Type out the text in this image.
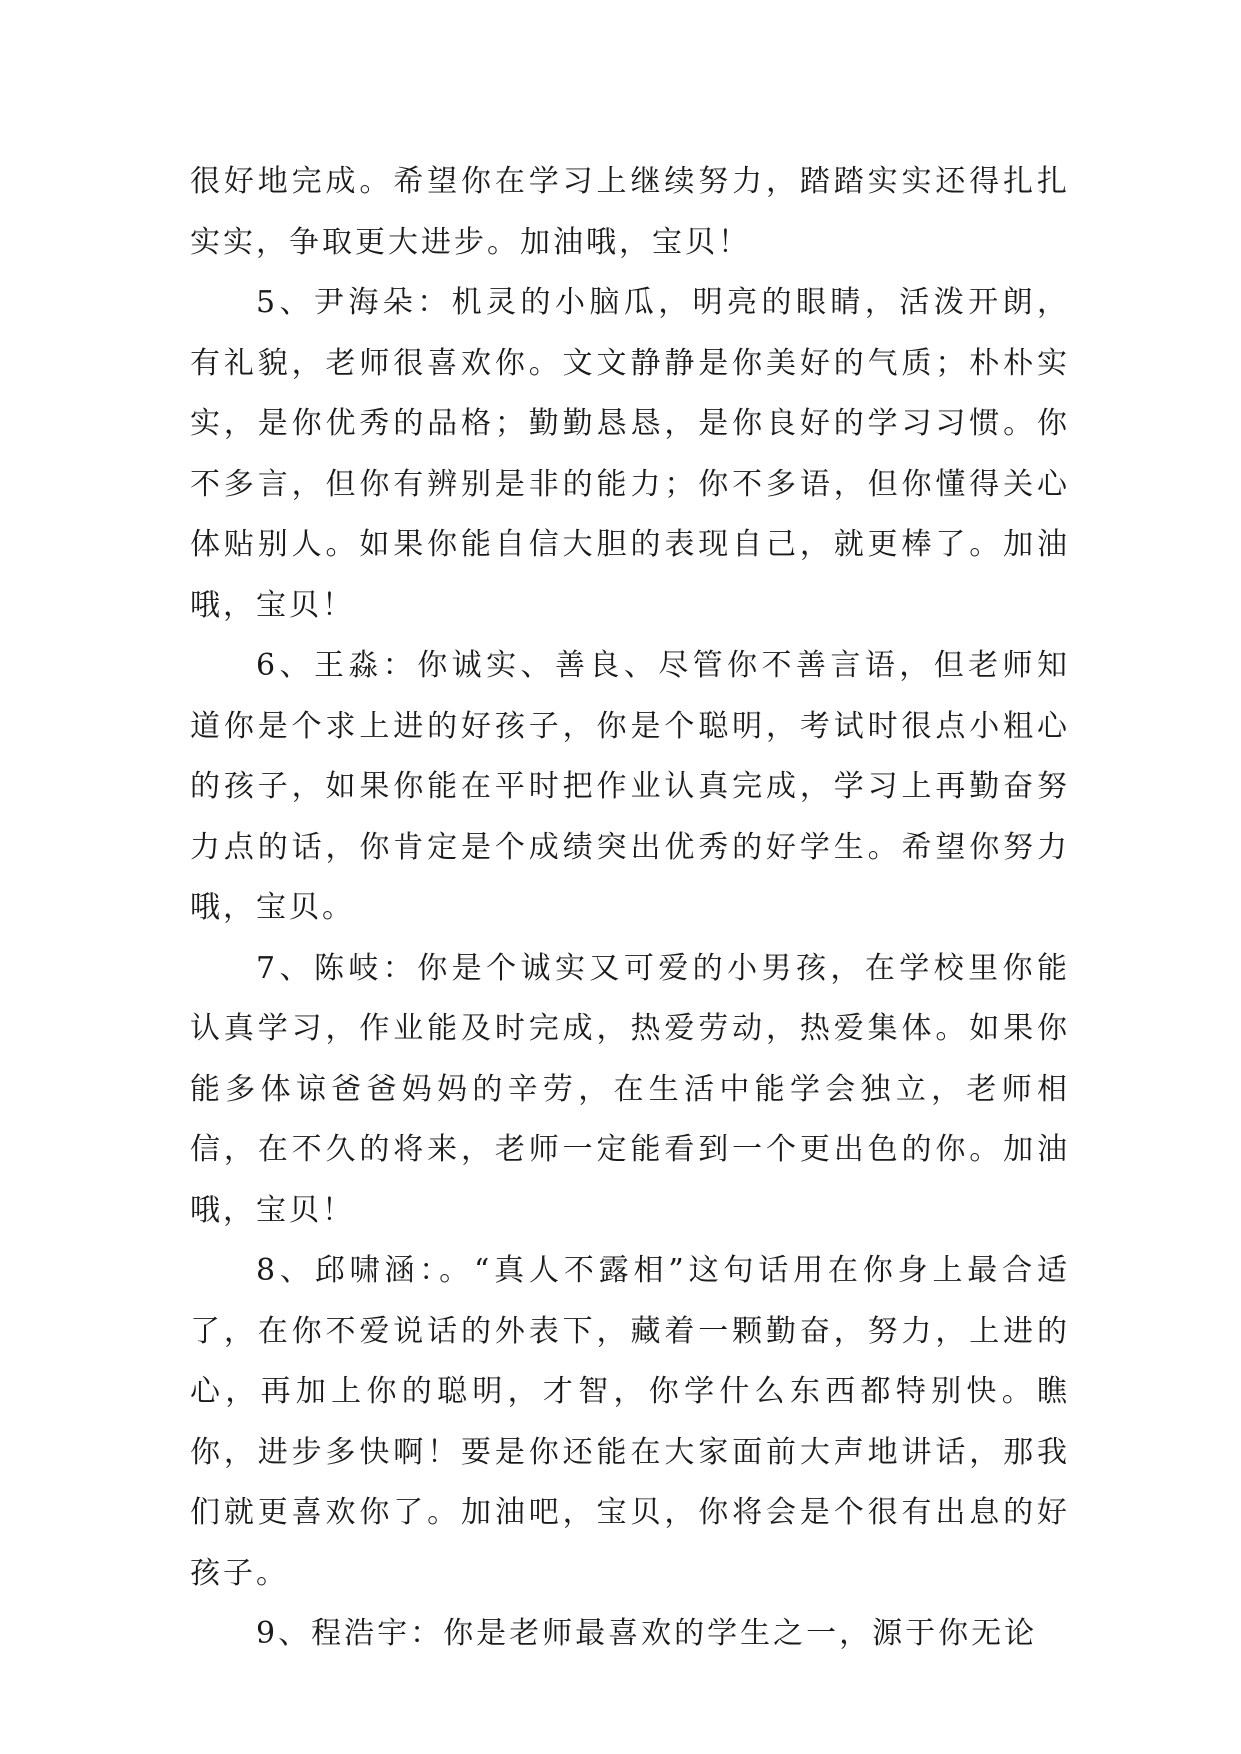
很好地完成。希望你在学习上继续努力，踏踏实实还得扎扎实实，争取更大进步。加油哦，宝贝！

5、尹海朵：机灵的小脑瓜，明亮的眼睛，活泼开朗，有礼貌，老师很喜欢你。文文静静是你美好的气质；朴朴实实，是你优秀的品格；勤勤恳恳，是你良好的学习习惯。你不多言，但你有辨别是非的能力；你不多语，但你懂得关心体贴别人。如果你能自信大胆的表现自己，就更棒了。加油哦，宝贝！

6、王淼：你诚实、善良、尽管你不善言语，但老师知道你是个求上进的好孩子，你是个聪明，考试时很点小粗心的孩子，如果你能在平时把作业认真完成，学习上再勤奋努力点的话，你肯定是个成绩突出优秀的好学生。希望你努力哦，宝贝。

7、陈岐：你是个诚实又可爱的小男孩，在学校里你能认真学习，作业能及时完成，热爱劳动，热爱集体。如果你能多体谅爸爸妈妈的辛劳，在生活中能学会独立，老师相信，在不久的将来，老师一定能看到一个更出色的你。加油哦，宝贝！

8、邱啸涵：。“真人不露相”这句话用在你身上最合适了，在你不爱说话的外表下，藏着一颗勤奋，努力，上进的心，再加上你的聪明，才智，你学什么东西都特别快。瞧你，进步多快啊！要是你还能在大家面前大声地讲话，那我们就更喜欢你了。加油吧，宝贝，你将会是个很有出息的好孩子。

9、程浩宇：你是老师最喜欢的学生之一，源于你无论
